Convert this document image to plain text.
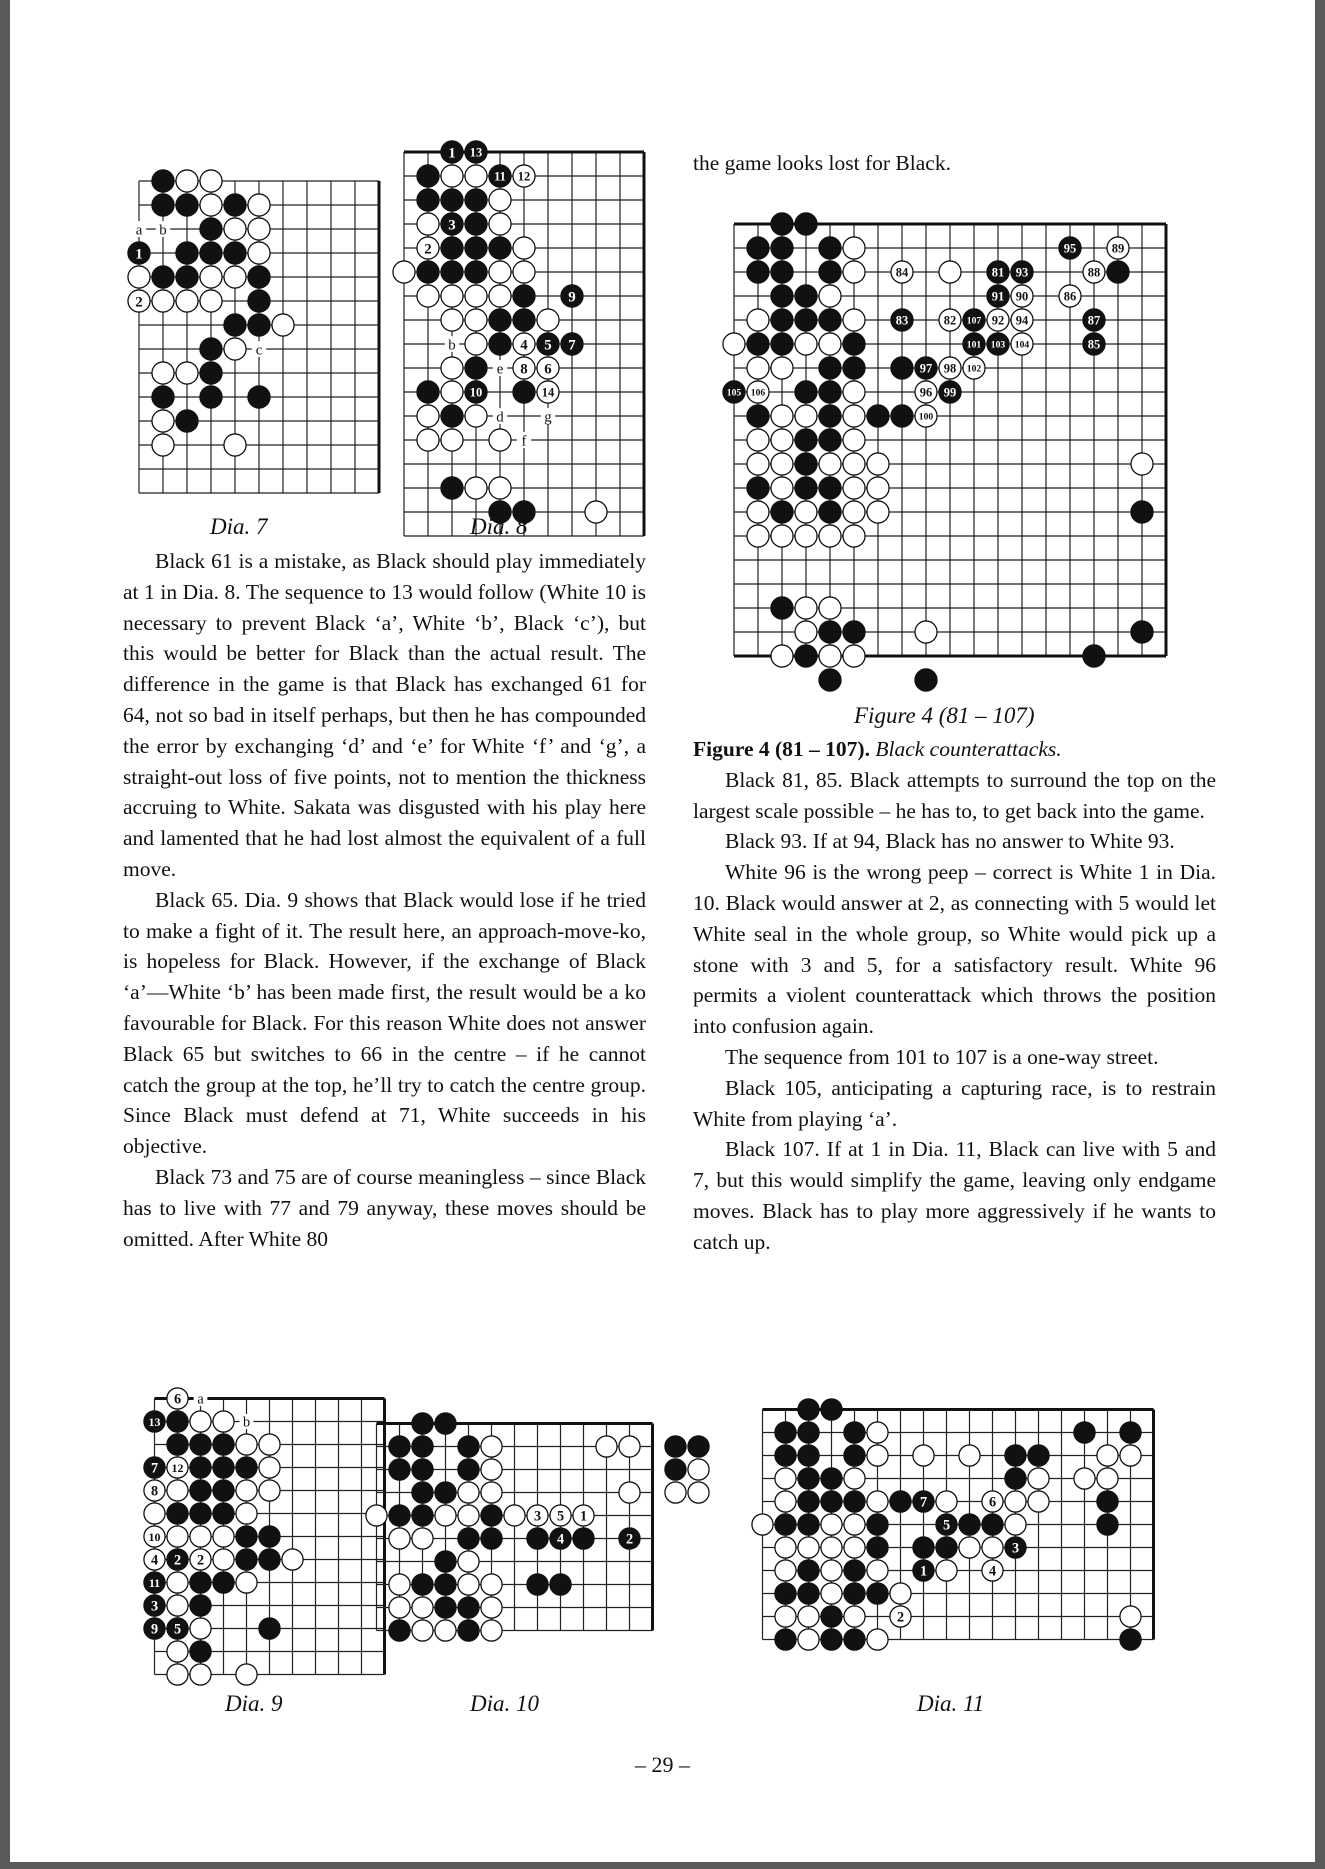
a b
c
1
2
Dia. 7
b
e
d	g
f
1 13
11 12
3
2
9
4 5 7
8 6
10	14
Dia. 8

Black 61 is a mistake, as Black should play immediately at 1 in Dia. 8. The sequence to 13 would follow (White 10 is necessary to prevent Black ‘a’, White ‘b’, Black ‘c’), but this would be better for Black than the actual result. The difference in the game is that Black has exchanged 61 for 64, not so bad in itself perhaps, but then he has compounded the error by exchanging ‘d’ and ‘e’ for White ‘f’ and ‘g’, a straight-out loss of five points, not to mention the thickness accruing to White. Sakata was disgusted with his play here and lamented that he had lost almost the equivalent of a full move.

Black 65. Dia. 9 shows that Black would lose if he tried to make a fight of it. The result here, an approach-move-ko, is hopeless for Black. However, if the exchange of Black ‘a’—White ‘b’ has been made first, the result would be a ko favourable for Black. For this reason White does not answer Black 65 but switches to 66 in the centre – if he cannot catch the group at the top, he’ll try to catch the centre group. Since Black must defend at 71, White succeeds in his objective.

Black 73 and 75 are of course meaningless – since Black has to live with 77 and 79 anyway, these moves should be omitted. After White 80

the game looks lost for Black.

95	89
84	81 93	88
91 90	86
83	82 107 92 94	87
101 103 104	85
97 98 102
105 106	96 99
100
Figure 4 (81 – 107)

Figure 4 (81 – 107). Black counterattacks.

Black 81, 85. Black attempts to surround the top on the largest scale possible – he has to, to get back into the game.

Black 93. If at 94, Black has no answer to White 93.

White 96 is the wrong peep – correct is White 1 in Dia. 10. Black would answer at 2, as connecting with 5 would let White seal in the whole group, so White would pick up a stone with 3 and 5, for a satisfactory result. White 96 permits a violent counterattack which throws the position into confusion again.

The sequence from 101 to 107 is a one-way street.

Black 105, anticipating a capturing race, is to restrain White from playing ‘a’.

Black 107. If at 1 in Dia. 11, Black can live with 5 and 7, but this would simplify the game, leaving only endgame moves. Black has to play more aggressively if he wants to catch up.

a
b
6
13
7 12
8
10
4 2 2
11
3
9 5
Dia. 9
3 5 1
4	2
Dia. 10
7	6
5
3
1	4
2
Dia. 11
– 29 –
